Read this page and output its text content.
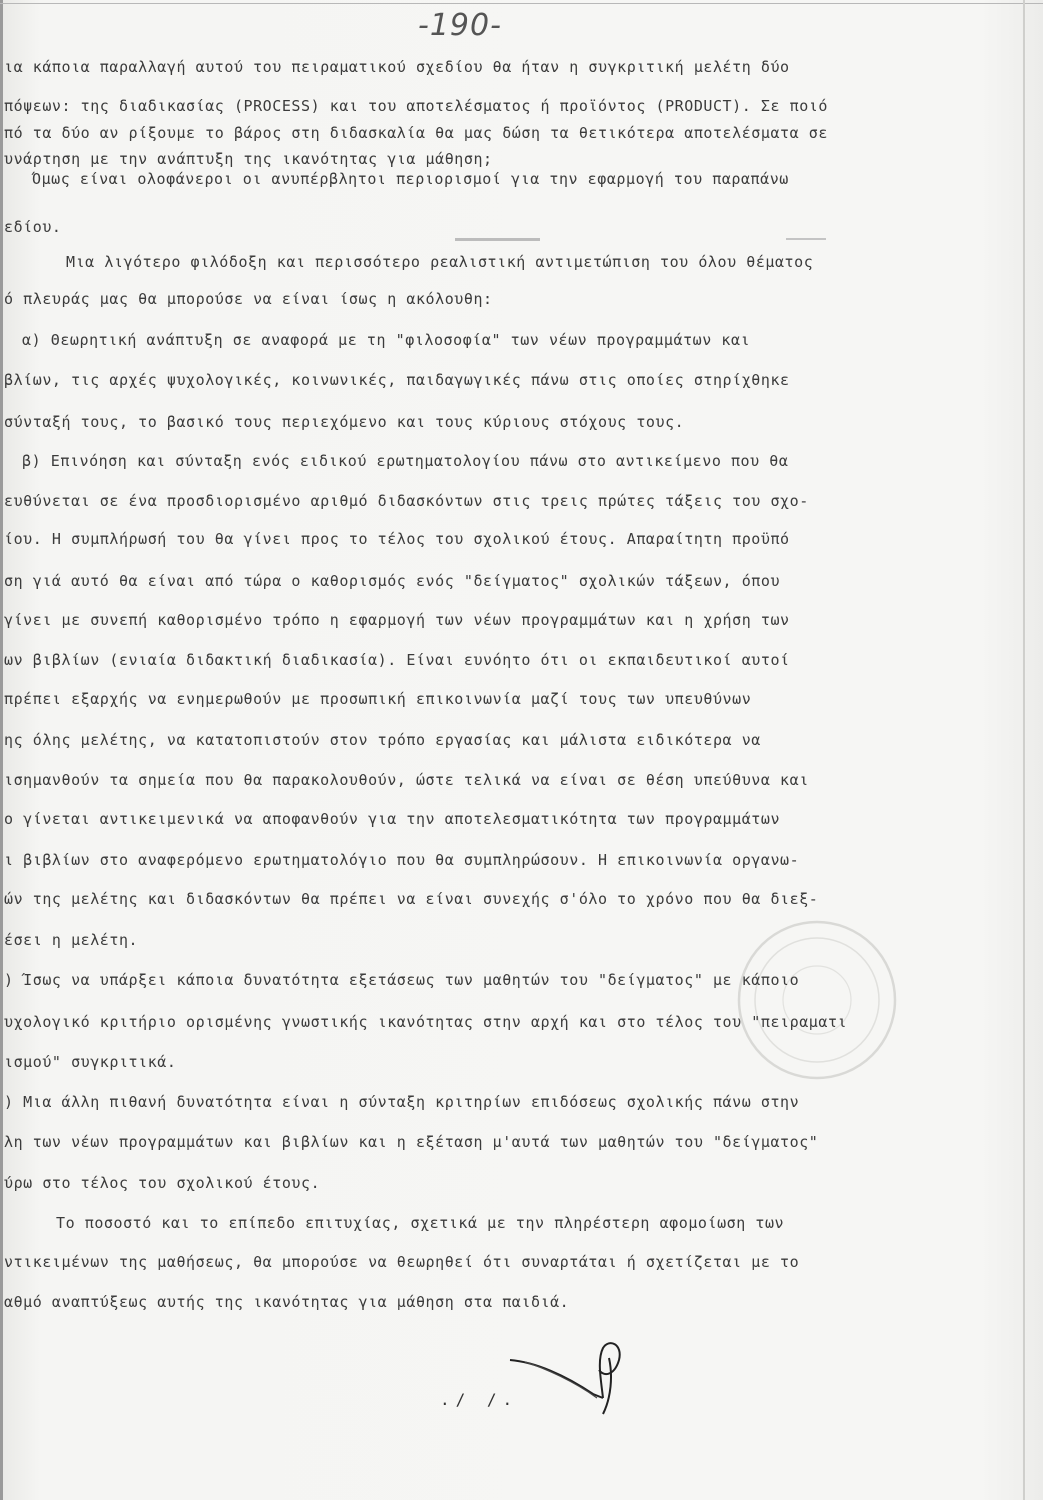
-190-
ια κάποια παραλλαγή αυτού του πειραματικού σχεδίου θα ήταν η συγκριτική μελέτη δύο
πόψεων: της διαδικασίας (PROCESS) και του αποτελέσματος ή προϊόντος (PRODUCT). Σε ποιό
πό τα δύο αν ρίξουμε το βάρος στη διδασκαλία θα μας δώση τα θετικότερα αποτελέσματα σε
υνάρτηση με την ανάπτυξη της ικανότητας για μάθηση;
Όμως είναι ολοφάνεροι οι ανυπέρβλητοι περιορισμοί για την εφαρμογή του παραπάνω
εδίου.
Μια λιγότερο φιλόδοξη και περισσότερο ρεαλιστική αντιμετώπιση του όλου θέματος
ό πλευράς μας θα μπορούσε να είναι ίσως η ακόλουθη:
α) Θεωρητική ανάπτυξη σε αναφορά με τη "φιλοσοφία" των νέων προγραμμάτων και
βλίων, τις αρχές ψυχολογικές, κοινωνικές, παιδαγωγικές πάνω στις οποίες στηρίχθηκε
σύνταξή τους, το βασικό τους περιεχόμενο και τους κύριους στόχους τους.
β) Επινόηση και σύνταξη ενός ειδικού ερωτηματολογίου πάνω στο αντικείμενο που θα
ευθύνεται σε ένα προσδιορισμένο αριθμό διδασκόντων στις τρεις πρώτες τάξεις του σχο-
ίου. Η συμπλήρωσή του θα γίνει προς το τέλος του σχολικού έτους. Απαραίτητη προϋπό
ση γιά αυτό θα είναι από τώρα ο καθορισμός ενός "δείγματος" σχολικών τάξεων, όπου
γίνει με συνεπή καθορισμένο τρόπο η εφαρμογή των νέων προγραμμάτων και η χρήση των
ων βιβλίων (ενιαία διδακτική διαδικασία). Είναι ευνόητο ότι οι εκπαιδευτικοί αυτοί
πρέπει εξαρχής να ενημερωθούν με προσωπική επικοινωνία μαζί τους των υπευθύνων
ης όλης μελέτης, να κατατοπιστούν στον τρόπο εργασίας και μάλιστα ειδικότερα να
ισημανθούν τα σημεία που θα παρακολουθούν, ώστε τελικά να είναι σε θέση υπεύθυνα και
ο γίνεται αντικειμενικά να αποφανθούν για την αποτελεσματικότητα των προγραμμάτων
ι βιβλίων στο αναφερόμενο ερωτηματολόγιο που θα συμπληρώσουν. Η επικοινωνία οργανω-
ών της μελέτης και διδασκόντων θα πρέπει να είναι συνεχής σ'όλο το χρόνο που θα διεξ-
έσει η μελέτη.
) Ίσως να υπάρξει κάποια δυνατότητα εξετάσεως των μαθητών του "δείγματος" με κάποιο
υχολογικό κριτήριο ορισμένης γνωστικής ικανότητας στην αρχή και στο τέλος του "πειραματι
ισμού" συγκριτικά.
) Μια άλλη πιθανή δυνατότητα είναι η σύνταξη κριτηρίων επιδόσεως σχολικής πάνω στην
λη των νέων προγραμμάτων και βιβλίων και η εξέταση μ'αυτά των μαθητών του "δείγματος"
ύρω στο τέλος του σχολικού έτους.
Το ποσοστό και το επίπεδο επιτυχίας, σχετικά με την πληρέστερη αφομοίωση των
ντικειμένων της μαθήσεως, θα μπορούσε να θεωρηθεί ότι συναρτάται ή σχετίζεται με το
αθμό αναπτύξεως αυτής της ικανότητας για μάθηση στα παιδιά.
./ /.
